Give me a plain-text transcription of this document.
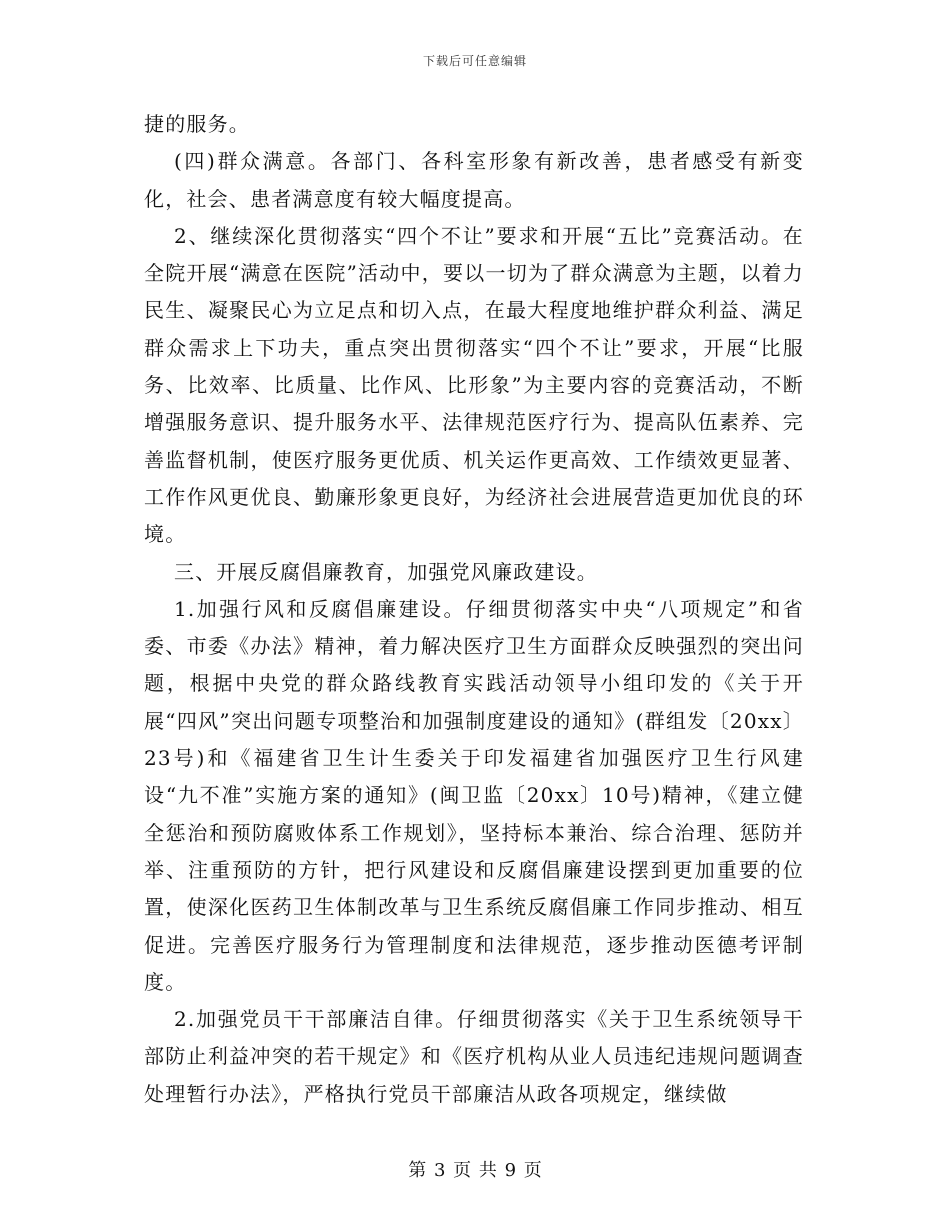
下载后可任意编辑

捷的服务。

(四)群众满意。各部门、各科室形象有新改善，患者感受有新变化，社会、患者满意度有较大幅度提高。

2、继续深化贯彻落实“四个不让”要求和开展“五比”竞赛活动。在全院开展“满意在医院”活动中，要以一切为了群众满意为主题，以着力民生、凝聚民心为立足点和切入点，在最大程度地维护群众利益、满足群众需求上下功夫，重点突出贯彻落实“四个不让”要求，开展“比服务、比效率、比质量、比作风、比形象”为主要内容的竞赛活动，不断增强服务意识、提升服务水平、法律规范医疗行为、提高队伍素养、完善监督机制，使医疗服务更优质、机关运作更高效、工作绩效更显著、工作作风更优良、勤廉形象更良好，为经济社会进展营造更加优良的环境。

三、开展反腐倡廉教育，加强党风廉政建设。

1.加强行风和反腐倡廉建设。仔细贯彻落实中央“八项规定”和省委、市委《办法》精神，着力解决医疗卫生方面群众反映强烈的突出问题，根据中央党的群众路线教育实践活动领导小组印发的《关于开展“四风”突出问题专项整治和加强制度建设的通知》(群组发〔20xx〕23号)和《福建省卫生计生委关于印发福建省加强医疗卫生行风建设“九不准”实施方案的通知》(闽卫监〔20xx〕10号)精神，《建立健全惩治和预防腐败体系工作规划》，坚持标本兼治、综合治理、惩防并举、注重预防的方针，把行风建设和反腐倡廉建设摆到更加重要的位置，使深化医药卫生体制改革与卫生系统反腐倡廉工作同步推动、相互促进。完善医疗服务行为管理制度和法律规范，逐步推动医德考评制度。

2.加强党员干干部廉洁自律。仔细贯彻落实《关于卫生系统领导干部防止利益冲突的若干规定》和《医疗机构从业人员违纪违规问题调查处理暂行办法》，严格执行党员干部廉洁从政各项规定，继续做

第 3 页 共 9 页
